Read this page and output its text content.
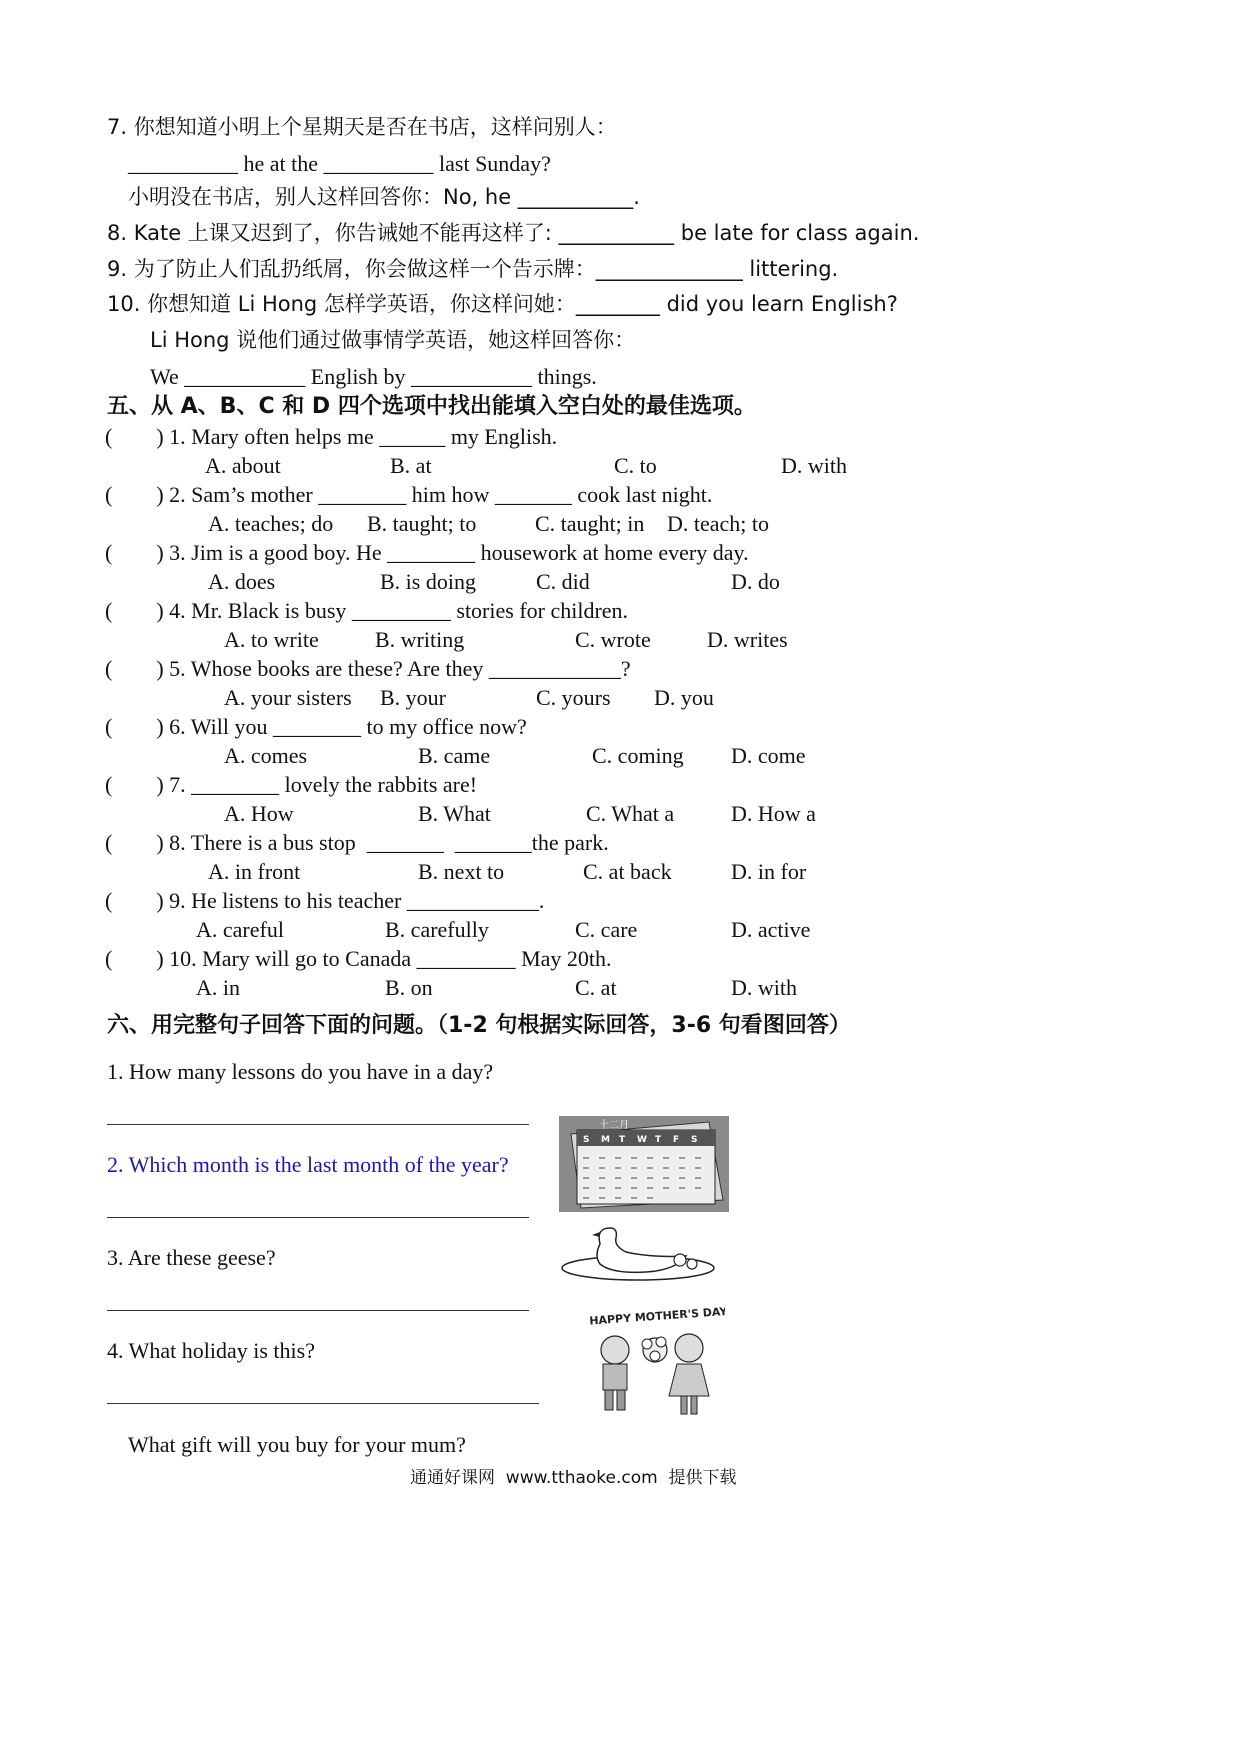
7. 你想知道小明上个星期天是否在书店，这样问别人：
__________ he at the __________ last Sunday?
小明没在书店，别人这样回答你：No, he ___________.
8. Kate 上课又迟到了，你告诫她不能再这样了: ___________ be late for class again.
9. 为了防止人们乱扔纸屑，你会做这样一个告示牌：______________ littering.
10. 你想知道 Li Hong 怎样学英语，你这样问她：________ did you learn English?
Li Hong 说他们通过做事情学英语，她这样回答你：
We ___________ English by ___________ things.
五、从 A、B、C 和 D 四个选项中找出能填入空白处的最佳选项。
(        ) 1. Mary often helps me ______ my English.
A. about	B. at	C. to	D. with
(        ) 2. Sam’s mother ________ him how _______ cook last night.
A. teaches; do B. taught; to	C. taught; in D. teach; to
(        ) 3. Jim is a good boy. He ________ housework at home every day.
A. does	B. is doing	C. did	D. do
(        ) 4. Mr. Black is busy _________ stories for children.
A. to write	B. writing	C. wrote	D. writes
(        ) 5. Whose books are these? Are they ____________?
A. your sisters B. your	C. yours D. you
(        ) 6. Will you ________ to my office now?
A. comes	B. came	C. coming D. come
(        ) 7. ________ lovely the rabbits are!
A. How	B. What	C. What a	D. How a
(        ) 8. There is a bus stop  _______  _______the park.
A. in front	B. next to	C. at back	D. in for
(        ) 9. He listens to his teacher ____________.
A. careful	B. carefully	C. care	D. active
(        ) 10. Mary will go to Canada _________ May 20th.
A. in	B. on	C. at	D. with
六、用完整句子回答下面的问题。（1-2 句根据实际回答，3-6 句看图回答）
1. How many lessons do you have in a day?
2. Which month is the last month of the year?
3. Are these geese?
4. What holiday is this?
What gift will you buy for your mum?
十二月
S M T W T F S
HAPPY MOTHER'S DAY
通通好课网  www.tthaoke.com  提供下载
